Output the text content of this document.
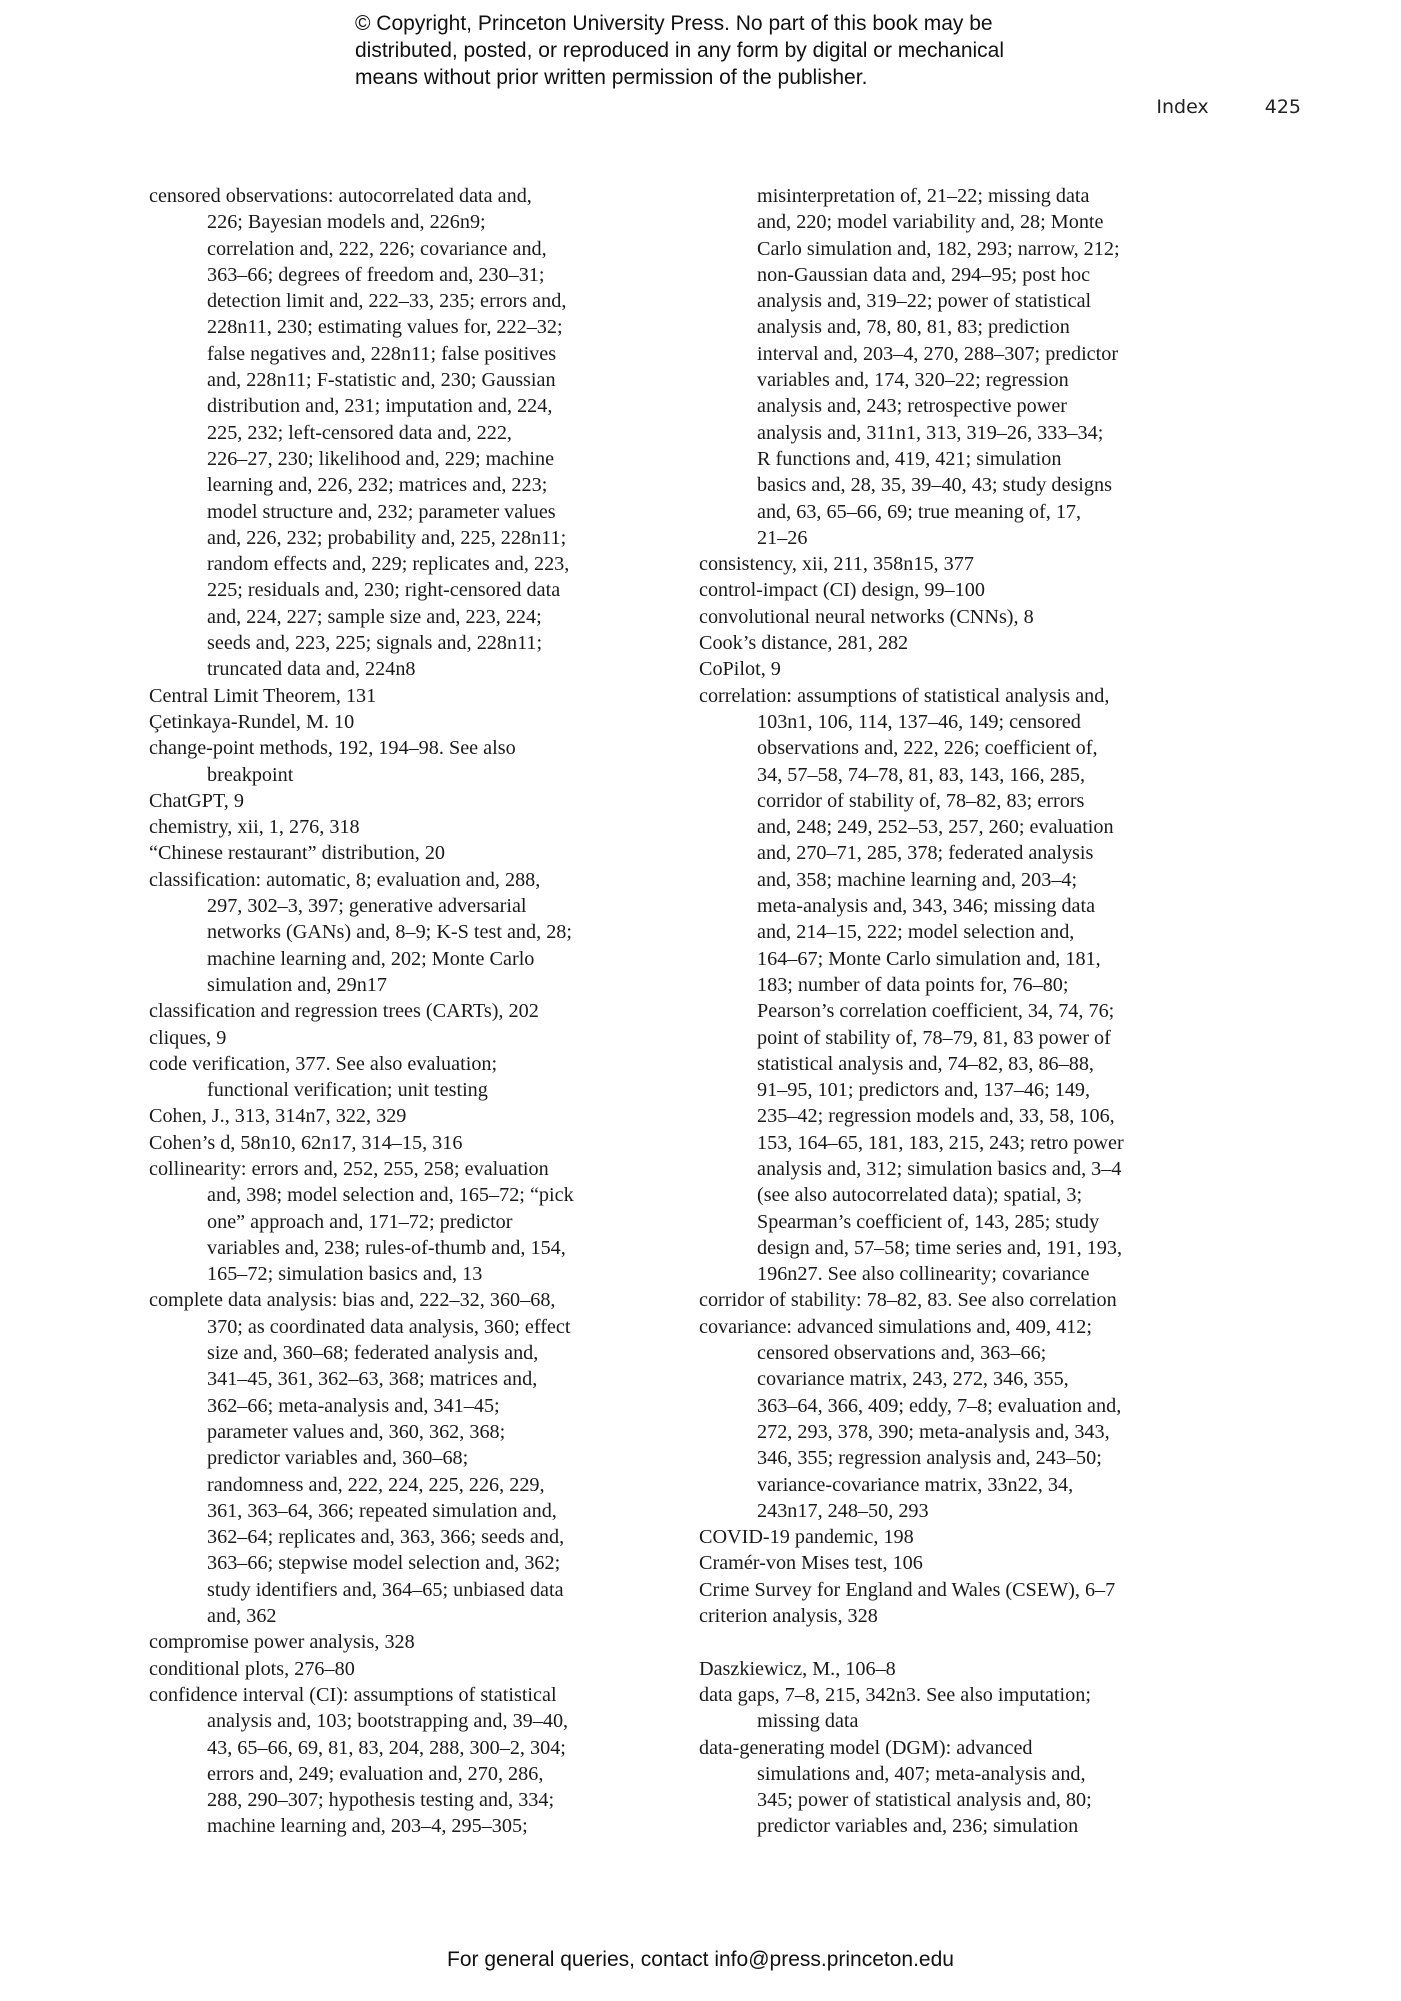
© Copyright, Princeton University Press. No part of this book may be
distributed, posted, or reproduced in any form by digital or mechanical
means without prior written permission of the publisher.
Index	425
censored observations: autocorrelated data and,
226; Bayesian models and, 226n9;
correlation and, 222, 226; covariance and,
363–66; degrees of freedom and, 230–31;
detection limit and, 222–33, 235; errors and,
228n11, 230; estimating values for, 222–32;
false negatives and, 228n11; false positives
and, 228n11; F-statistic and, 230; Gaussian
distribution and, 231; imputation and, 224,
225, 232; left-censored data and, 222,
226–27, 230; likelihood and, 229; machine
learning and, 226, 232; matrices and, 223;
model structure and, 232; parameter values
and, 226, 232; probability and, 225, 228n11;
random effects and, 229; replicates and, 223,
225; residuals and, 230; right-censored data
and, 224, 227; sample size and, 223, 224;
seeds and, 223, 225; signals and, 228n11;
truncated data and, 224n8
Central Limit Theorem, 131
Çetinkaya-Rundel, M. 10
change-point methods, 192, 194–98. See also
breakpoint
ChatGPT, 9
chemistry, xii, 1, 276, 318
“Chinese restaurant” distribution, 20
classification: automatic, 8; evaluation and, 288,
297, 302–3, 397; generative adversarial
networks (GANs) and, 8–9; K-S test and, 28;
machine learning and, 202; Monte Carlo
simulation and, 29n17
classification and regression trees (CARTs), 202
cliques, 9
code verification, 377. See also evaluation;
functional verification; unit testing
Cohen, J., 313, 314n7, 322, 329
Cohen’s d, 58n10, 62n17, 314–15, 316
collinearity: errors and, 252, 255, 258; evaluation
and, 398; model selection and, 165–72; “pick
one” approach and, 171–72; predictor
variables and, 238; rules-of-thumb and, 154,
165–72; simulation basics and, 13
complete data analysis: bias and, 222–32, 360–68,
370; as coordinated data analysis, 360; effect
size and, 360–68; federated analysis and,
341–45, 361, 362–63, 368; matrices and,
362–66; meta-analysis and, 341–45;
parameter values and, 360, 362, 368;
predictor variables and, 360–68;
randomness and, 222, 224, 225, 226, 229,
361, 363–64, 366; repeated simulation and,
362–64; replicates and, 363, 366; seeds and,
363–66; stepwise model selection and, 362;
study identifiers and, 364–65; unbiased data
and, 362
compromise power analysis, 328
conditional plots, 276–80
confidence interval (CI): assumptions of statistical
analysis and, 103; bootstrapping and, 39–40,
43, 65–66, 69, 81, 83, 204, 288, 300–2, 304;
errors and, 249; evaluation and, 270, 286,
288, 290–307; hypothesis testing and, 334;
machine learning and, 203–4, 295–305;
misinterpretation of, 21–22; missing data
and, 220; model variability and, 28; Monte
Carlo simulation and, 182, 293; narrow, 212;
non-Gaussian data and, 294–95; post hoc
analysis and, 319–22; power of statistical
analysis and, 78, 80, 81, 83; prediction
interval and, 203–4, 270, 288–307; predictor
variables and, 174, 320–22; regression
analysis and, 243; retrospective power
analysis and, 311n1, 313, 319–26, 333–34;
R functions and, 419, 421; simulation
basics and, 28, 35, 39–40, 43; study designs
and, 63, 65–66, 69; true meaning of, 17,
21–26
consistency, xii, 211, 358n15, 377
control-impact (CI) design, 99–100
convolutional neural networks (CNNs), 8
Cook’s distance, 281, 282
CoPilot, 9
correlation: assumptions of statistical analysis and,
103n1, 106, 114, 137–46, 149; censored
observations and, 222, 226; coefficient of,
34, 57–58, 74–78, 81, 83, 143, 166, 285,
corridor of stability of, 78–82, 83; errors
and, 248; 249, 252–53, 257, 260; evaluation
and, 270–71, 285, 378; federated analysis
and, 358; machine learning and, 203–4;
meta-analysis and, 343, 346; missing data
and, 214–15, 222; model selection and,
164–67; Monte Carlo simulation and, 181,
183; number of data points for, 76–80;
Pearson’s correlation coefficient, 34, 74, 76;
point of stability of, 78–79, 81, 83 power of
statistical analysis and, 74–82, 83, 86–88,
91–95, 101; predictors and, 137–46; 149,
235–42; regression models and, 33, 58, 106,
153, 164–65, 181, 183, 215, 243; retro power
analysis and, 312; simulation basics and, 3–4
(see also autocorrelated data); spatial, 3;
Spearman’s coefficient of, 143, 285; study
design and, 57–58; time series and, 191, 193,
196n27. See also collinearity; covariance
corridor of stability: 78–82, 83. See also correlation
covariance: advanced simulations and, 409, 412;
censored observations and, 363–66;
covariance matrix, 243, 272, 346, 355,
363–64, 366, 409; eddy, 7–8; evaluation and,
272, 293, 378, 390; meta-analysis and, 343,
346, 355; regression analysis and, 243–50;
variance-covariance matrix, 33n22, 34,
243n17, 248–50, 293
COVID-19 pandemic, 198
Cramér-von Mises test, 106
Crime Survey for England and Wales (CSEW), 6–7
criterion analysis, 328
Daszkiewicz, M., 106–8
data gaps, 7–8, 215, 342n3. See also imputation;
missing data
data-generating model (DGM): advanced
simulations and, 407; meta-analysis and,
345; power of statistical analysis and, 80;
predictor variables and, 236; simulation
For general queries, contact info@press.princeton.edu
